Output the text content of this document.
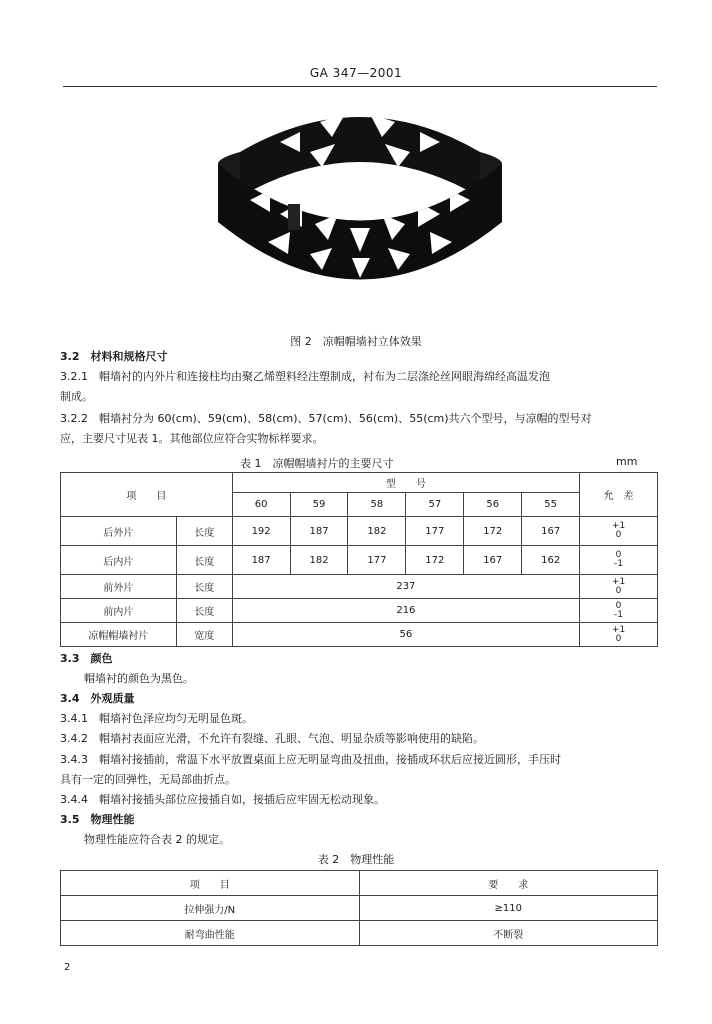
GA 347—2001
图 2　凉帽帽墙衬立体效果
3.2　材料和规格尺寸
3.2.1　帽墙衬的内外片和连接柱均由聚乙烯塑料经注塑制成，衬布为二层涤纶丝网眼海绵经高温发泡
制成。
3.2.2　帽墙衬分为 60(cm)、59(cm)、58(cm)、57(cm)、56(cm)、55(cm)共六个型号，与凉帽的型号对
应，主要尺寸见表 1。其他部位应符合实物标样要求。
表 1　凉帽帽墙衬片的主要尺寸	mm
项　　目		型　　号						允　差
		60	59	58	57	56	55	
后外片	长度	192	187	182	177	172	167	+1
0

后内片	长度	187	182	177	172	167	162	0
-1

前外片	长度	237						+1
0

前内片	长度	216						0
-1

凉帽帽墙衬片	宽度	56						+1
0
3.3　颜色
帽墙衬的颜色为黑色。
3.4　外观质量
3.4.1　帽墙衬色泽应均匀无明显色斑。
3.4.2　帽墙衬表面应光滑，不允许有裂缝、孔眼、气泡、明显杂质等影响使用的缺陷。
3.4.3　帽墙衬接插前，常温下水平放置桌面上应无明显弯曲及扭曲，接插成环状后应接近圆形，手压时
具有一定的回弹性，无局部曲折点。
3.4.4　帽墙衬接插头部位应接插自如，接插后应牢固无松动现象。
3.5　物理性能
物理性能应符合表 2 的规定。
表 2　物理性能
项　　目	要　　求
拉伸强力/N	≥110
耐弯曲性能	不断裂
2
